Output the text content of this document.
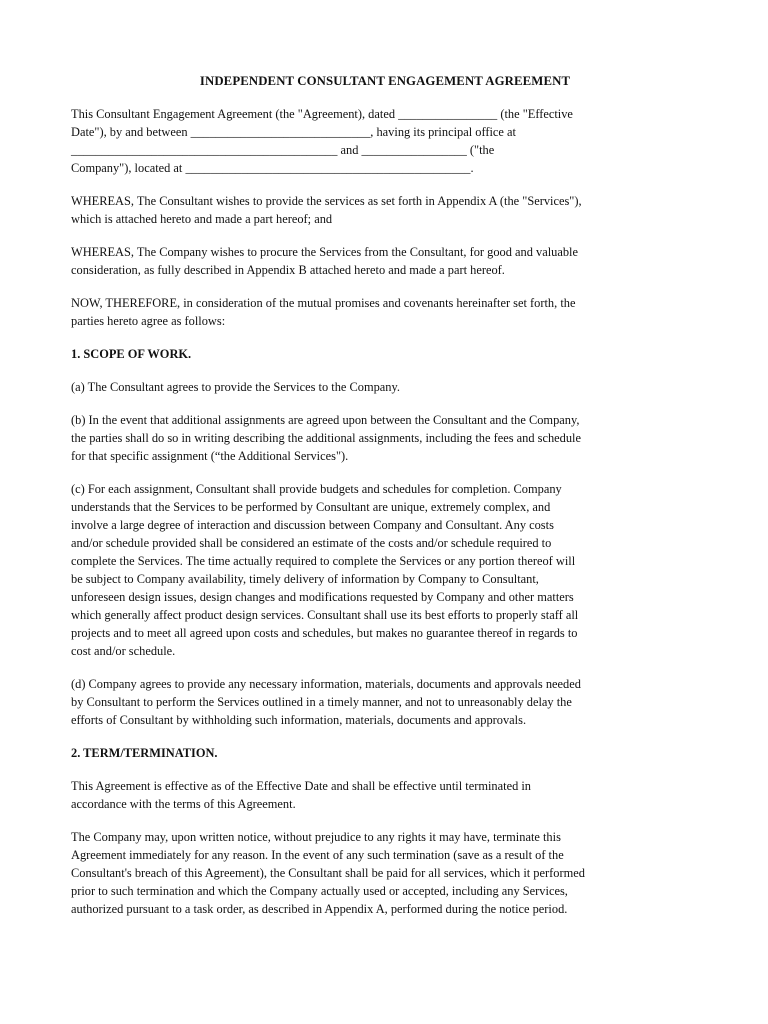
INDEPENDENT CONSULTANT ENGAGEMENT AGREEMENT

This Consultant Engagement Agreement (the "Agreement), dated ________________ (the "Effective
Date"), by and between _____________________________, having its principal office at
___________________________________________ and _________________ ("the
Company"), located at ______________________________________________.

WHEREAS, The Consultant wishes to provide the services as set forth in Appendix A (the "Services"),
which is attached hereto and made a part hereof; and

WHEREAS, The Company wishes to procure the Services from the Consultant, for good and valuable
consideration, as fully described in Appendix B attached hereto and made a part hereof.

NOW, THEREFORE, in consideration of the mutual promises and covenants hereinafter set forth, the
parties hereto agree as follows:

1. SCOPE OF WORK.

(a) The Consultant agrees to provide the Services to the Company.

(b) In the event that additional assignments are agreed upon between the Consultant and the Company,
the parties shall do so in writing describing the additional assignments, including the fees and schedule
for that specific assignment (“the Additional Services").

(c) For each assignment, Consultant shall provide budgets and schedules for completion. Company
understands that the Services to be performed by Consultant are unique, extremely complex, and
involve a large degree of interaction and discussion between Company and Consultant. Any costs
and/or schedule provided shall be considered an estimate of the costs and/or schedule required to
complete the Services. The time actually required to complete the Services or any portion thereof will
be subject to Company availability, timely delivery of information by Company to Consultant,
unforeseen design issues, design changes and modifications requested by Company and other matters
which generally affect product design services. Consultant shall use its best efforts to properly staff all
projects and to meet all agreed upon costs and schedules, but makes no guarantee thereof in regards to
cost and/or schedule.

(d) Company agrees to provide any necessary information, materials, documents and approvals needed
by Consultant to perform the Services outlined in a timely manner, and not to unreasonably delay the
efforts of Consultant by withholding such information, materials, documents and approvals.

2. TERM/TERMINATION.

This Agreement is effective as of the Effective Date and shall be effective until terminated in
accordance with the terms of this Agreement.

The Company may, upon written notice, without prejudice to any rights it may have, terminate this
Agreement immediately for any reason. In the event of any such termination (save as a result of the
Consultant's breach of this Agreement), the Consultant shall be paid for all services, which it performed
prior to such termination and which the Company actually used or accepted, including any Services,
authorized pursuant to a task order, as described in Appendix A, performed during the notice period.
